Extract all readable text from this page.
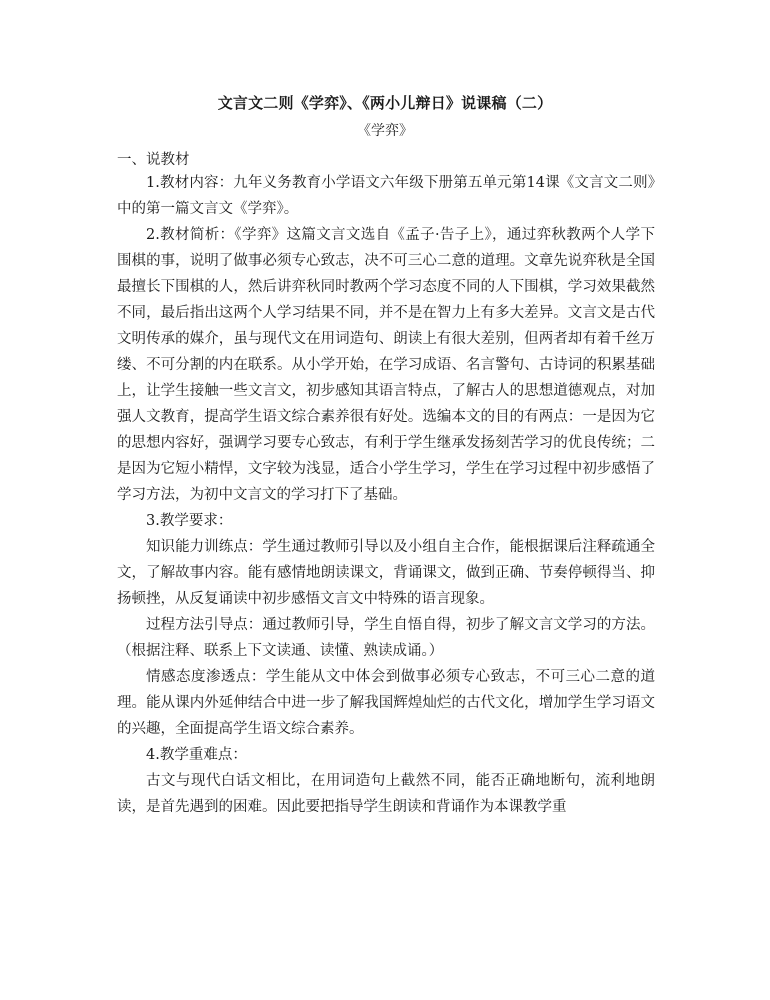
文言文二则《学弈》、《两小儿辩日》说课稿（二）
《学弈》
一、说教材

1.教材内容：九年义务教育小学语文六年级下册第五单元第14课《文言文二则》中的第一篇文言文《学弈》。

2.教材简析：《学弈》这篇文言文选自《孟子·告子上》，通过弈秋教两个人学下围棋的事，说明了做事必须专心致志，决不可三心二意的道理。文章先说弈秋是全国最擅长下围棋的人，然后讲弈秋同时教两个学习态度不同的人下围棋，学习效果截然不同，最后指出这两个人学习结果不同，并不是在智力上有多大差异。文言文是古代文明传承的媒介，虽与现代文在用词造句、朗读上有很大差别，但两者却有着千丝万缕、不可分割的内在联系。从小学开始，在学习成语、名言警句、古诗词的积累基础上，让学生接触一些文言文，初步感知其语言特点，了解古人的思想道德观点，对加强人文教育，提高学生语文综合素养很有好处。选编本文的目的有两点：一是因为它的思想内容好，强调学习要专心致志，有利于学生继承发扬刻苦学习的优良传统；二是因为它短小精悍，文字较为浅显，适合小学生学习，学生在学习过程中初步感悟了学习方法，为初中文言文的学习打下了基础。

3.教学要求：

知识能力训练点：学生通过教师引导以及小组自主合作，能根据课后注释疏通全文，了解故事内容。能有感情地朗读课文，背诵课文，做到正确、节奏停顿得当、抑扬顿挫，从反复诵读中初步感悟文言文中特殊的语言现象。

过程方法引导点：通过教师引导，学生自悟自得，初步了解文言文学习的方法。（根据注释、联系上下文读通、读懂、熟读成诵。）

情感态度渗透点：学生能从文中体会到做事必须专心致志，不可三心二意的道理。能从课内外延伸结合中进一步了解我国辉煌灿烂的古代文化，增加学生学习语文的兴趣，全面提高学生语文综合素养。

4.教学重难点：

古文与现代白话文相比，在用词造句上截然不同，能否正确地断句，流利地朗读，是首先遇到的困难。因此要把指导学生朗读和背诵作为本课教学重
